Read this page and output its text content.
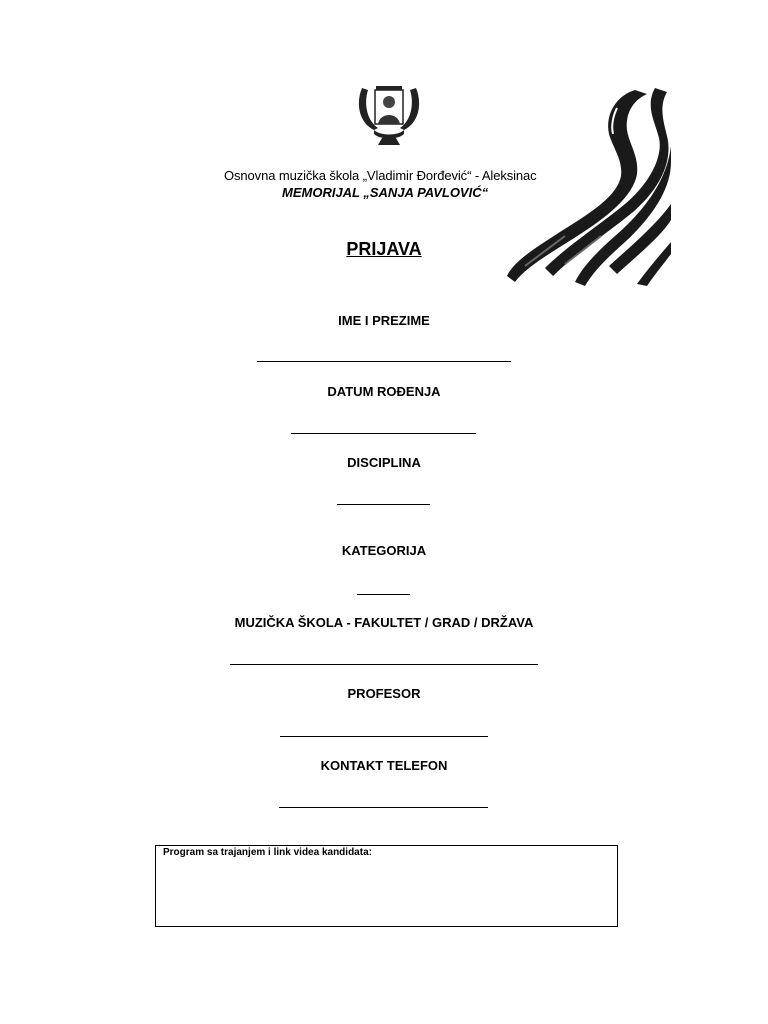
Osnovna muzička škola „Vladimir Đorđević“ - Aleksinac
MEMORIJAL „SANJA PAVLOVIĆ“
PRIJAVA
IME I PREZIME
DATUM ROĐENJA
DISCIPLINA
KATEGORIJA
MUZIČKA ŠKOLA - FAKULTET / GRAD / DRŽAVA
PROFESOR
KONTAKT TELEFON
Program sa trajanjem i link videa kandidata:
